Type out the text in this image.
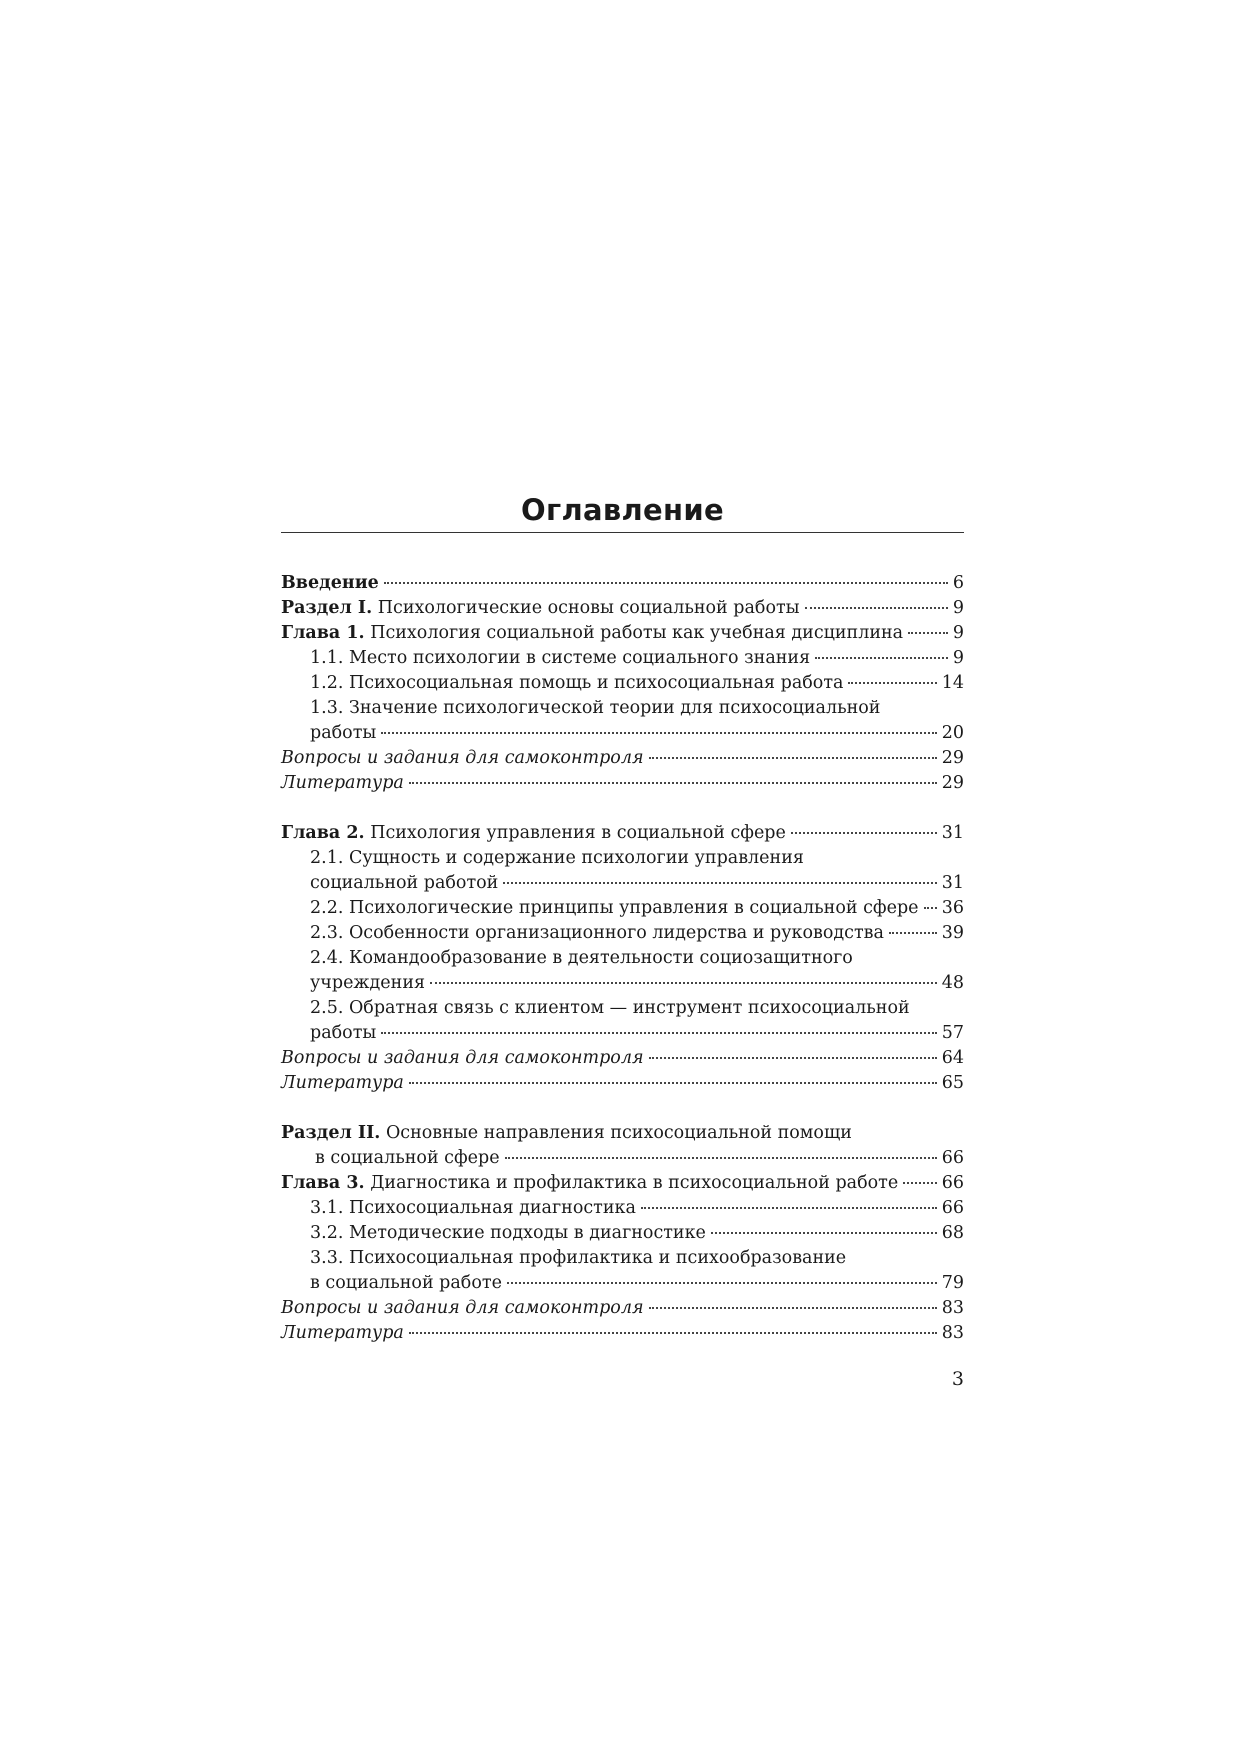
Оглавление
Введение	6
Раздел I. Психологические основы социальной работы	9
Глава 1. Психология социальной работы как учебная дисциплина	9
1.1. Место психологии в системе социального знания	9
1.2. Психосоциальная помощь и психосоциальная работа	14
1.3. Значение психологической теории для психосоциальной
работы	20
Вопросы и задания для самоконтроля	29
Литература	29
Глава 2. Психология управления в социальной сфере	31
2.1. Сущность и содержание психологии управления
социальной работой	31
2.2. Психологические принципы управления в социальной сфере 36
2.3. Особенности организационного лидерства и руководства	39
2.4. Командообразование в деятельности социозащитного
учреждения	48
2.5. Обратная связь с клиентом — инструмент психосоциальной
работы	57
Вопросы и задания для самоконтроля	64
Литература	65
Раздел II. Основные направления психосоциальной помощи
в социальной сфере	66
Глава 3. Диагностика и профилактика в психосоциальной работе 66
3.1. Психосоциальная диагностика	66
3.2. Методические подходы в диагностике	68
3.3. Психосоциальная профилактика и психообразование
в социальной работе	79
Вопросы и задания для самоконтроля	83
Литература	83
3
